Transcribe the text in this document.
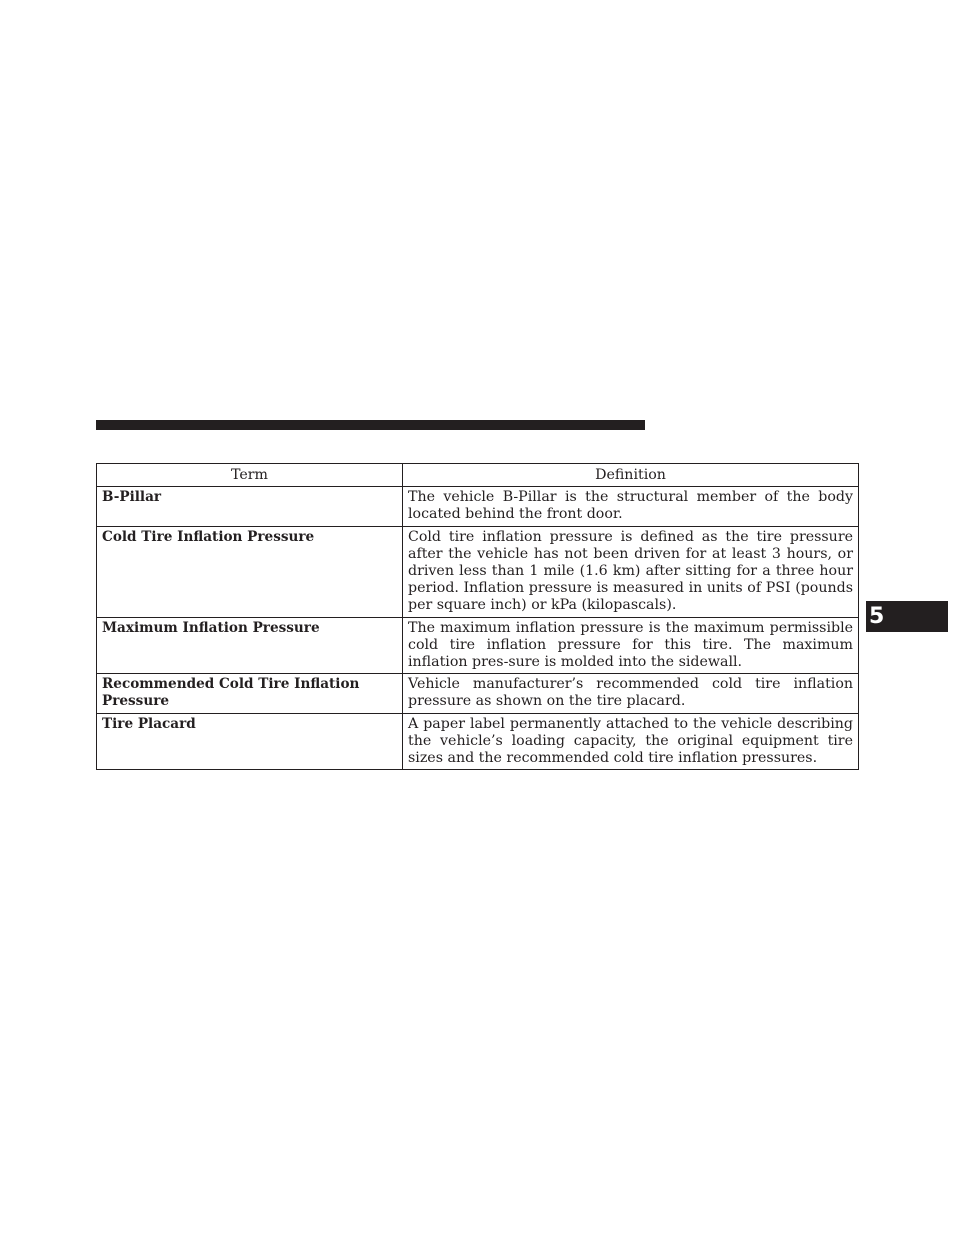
Term	Definition
B-Pillar	The vehicle B-Pillar is the structural member of the body located behind the front door.
Cold Tire Inflation Pressure	Cold tire inflation pressure is defined as the tire pressure after the vehicle has not been driven for at least 3 hours, or driven less than 1 mile (1.6 km) after sitting for a three hour period. Inflation pressure is measured in units of PSI (pounds per square inch) or kPa (kilopascals).
Maximum Inflation Pressure	The maximum inflation pressure is the maximum permissible cold tire inflation pressure for this tire. The maximum inflation pres-sure is molded into the sidewall.
Recommended Cold Tire Inflation Pressure	Vehicle manufacturer’s recommended cold tire inflation pressure as shown on the tire placard.
Tire Placard	A paper label permanently attached to the vehicle describing the vehicle’s loading capacity, the original equipment tire sizes and the recommended cold tire inflation pressures.
5
